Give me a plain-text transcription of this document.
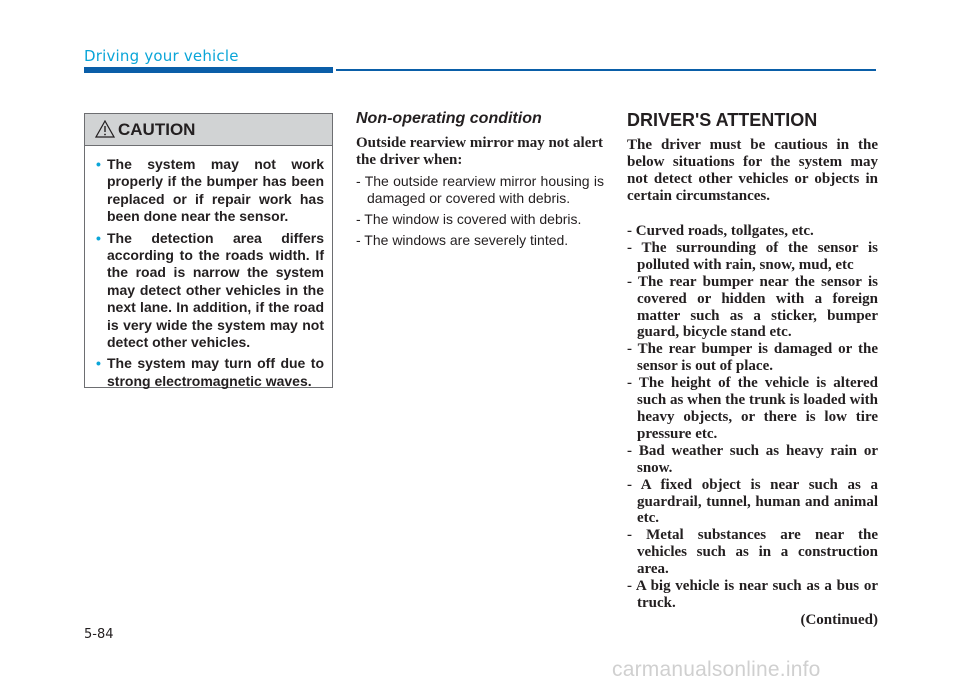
Driving your vehicle
CAUTION
• The system may not work properly if the bumper has been replaced or if repair work has been done near the sensor.
• The detection area differs according to the roads width. If the road is narrow the system may detect other vehicles in the next lane. In addition, if the road is very wide the system may not detect other vehicles.
• The system may turn off due to strong electromagnetic waves.
Non-operating condition
Outside rearview mirror may not alert the driver when:
- The outside rearview mirror housing is damaged or covered with debris.
- The window is covered with debris.
- The windows are severely tinted.
DRIVER'S ATTENTION
The driver must be cautious in the below situations for the system may not detect other vehicles or objects in certain circumstances.
- Curved roads, tollgates, etc.
- The surrounding of the sensor is polluted with rain, snow, mud, etc
- The rear bumper near the sensor is covered or hidden with a foreign matter such as a sticker, bumper guard, bicycle stand etc.
- The rear bumper is damaged or the sensor is out of place.
- The height of the vehicle is altered such as when the trunk is loaded with heavy objects, or there is low tire pressure etc.
- Bad weather such as heavy rain or snow.
- A fixed object is near such as a guardrail, tunnel, human and animal etc.
- Metal substances are near the vehicles such as in a construction area.
- A big vehicle is near such as a bus or truck.
(Continued)
5-84
carmanualsonline.info
